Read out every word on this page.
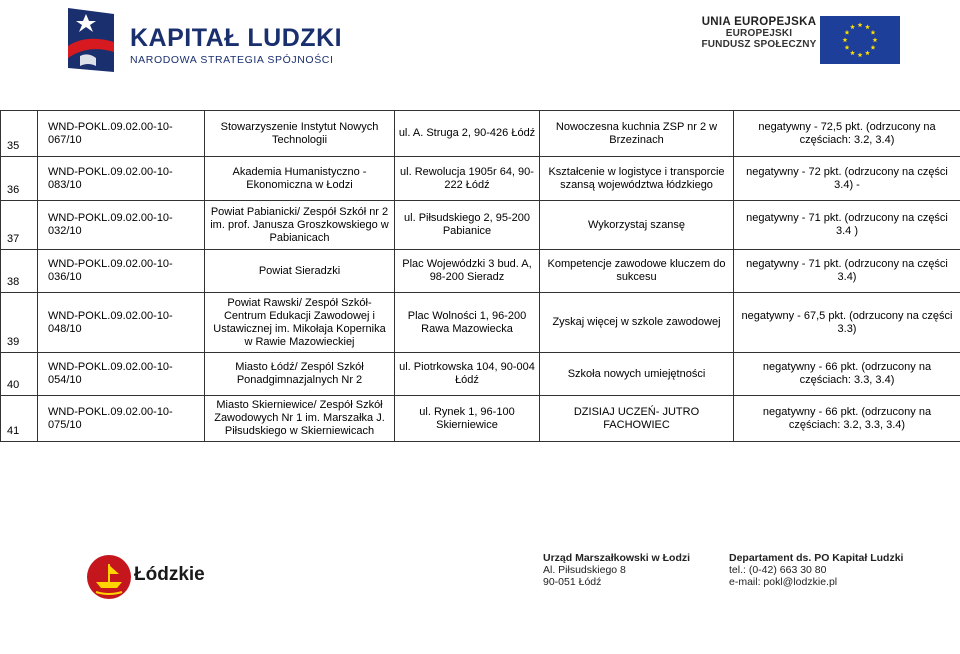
KAPITAŁ LUDZKI
NARODOWA STRATEGIA SPÓJNOŚCI
UNIA EUROPEJSKA
EUROPEJSKI
FUNDUSZ SPOŁECZNY
35	WND-POKL.09.02.00-10-067/10	Stowarzyszenie Instytut Nowych Technologii	ul. A. Struga 2, 90-426 Łódź	Nowoczesna kuchnia ZSP nr 2 w Brzezinach	negatywny - 72,5 pkt. (odrzucony na częściach: 3.2, 3.4)
36	WND-POKL.09.02.00-10-083/10	Akademia Humanistyczno - Ekonomiczna w Łodzi	ul. Rewolucja 1905r 64, 90-222 Łódź	Kształcenie w logistyce i transporcie szansą województwa łódzkiego	negatywny - 72 pkt. (odrzucony na części 3.4) -
37	WND-POKL.09.02.00-10-032/10	Powiat Pabianicki/ Zespół Szkół nr 2 im. prof. Janusza Groszkowskiego w Pabianicach	ul. Piłsudskiego 2, 95-200 Pabianice	Wykorzystaj szansę	negatywny - 71 pkt. (odrzucony na części 3.4 )
38	WND-POKL.09.02.00-10-036/10	Powiat Sieradzki	Plac Wojewódzki 3 bud. A, 98-200 Sieradz	Kompetencje zawodowe kluczem do sukcesu	negatywny - 71 pkt. (odrzucony na części 3.4)
39	WND-POKL.09.02.00-10-048/10	Powiat Rawski/ Zespół Szkół-Centrum Edukacji Zawodowej i Ustawicznej im. Mikołaja Kopernika w Rawie Mazowieckiej	Plac Wolności 1, 96-200 Rawa Mazowiecka	Zyskaj więcej w szkole zawodowej	negatywny - 67,5 pkt. (odrzucony na części 3.3)
40	WND-POKL.09.02.00-10-054/10	Miasto Łódź/ Zespól Szkół Ponadgimnazjalnych Nr 2	ul. Piotrkowska 104, 90-004 Łódź	Szkoła nowych umiejętności	negatywny - 66 pkt. (odrzucony na częściach: 3.3, 3.4)
41	WND-POKL.09.02.00-10-075/10	Miasto Skierniewice/ Zespół Szkół Zawodowych Nr 1 im. Marszałka J. Piłsudskiego w Skierniewicach	ul. Rynek 1, 96-100 Skierniewice	DZISIAJ UCZEŃ- JUTRO FACHOWIEC	negatywny - 66 pkt. (odrzucony na częściach: 3.2, 3.3, 3.4)
Łódzkie
Urząd Marszałkowski w Łodzi
Al. Piłsudskiego 8
90-051 Łódź
Departament ds. PO Kapitał Ludzki
tel.: (0-42) 663 30 80
e-mail: pokl@lodzkie.pl
